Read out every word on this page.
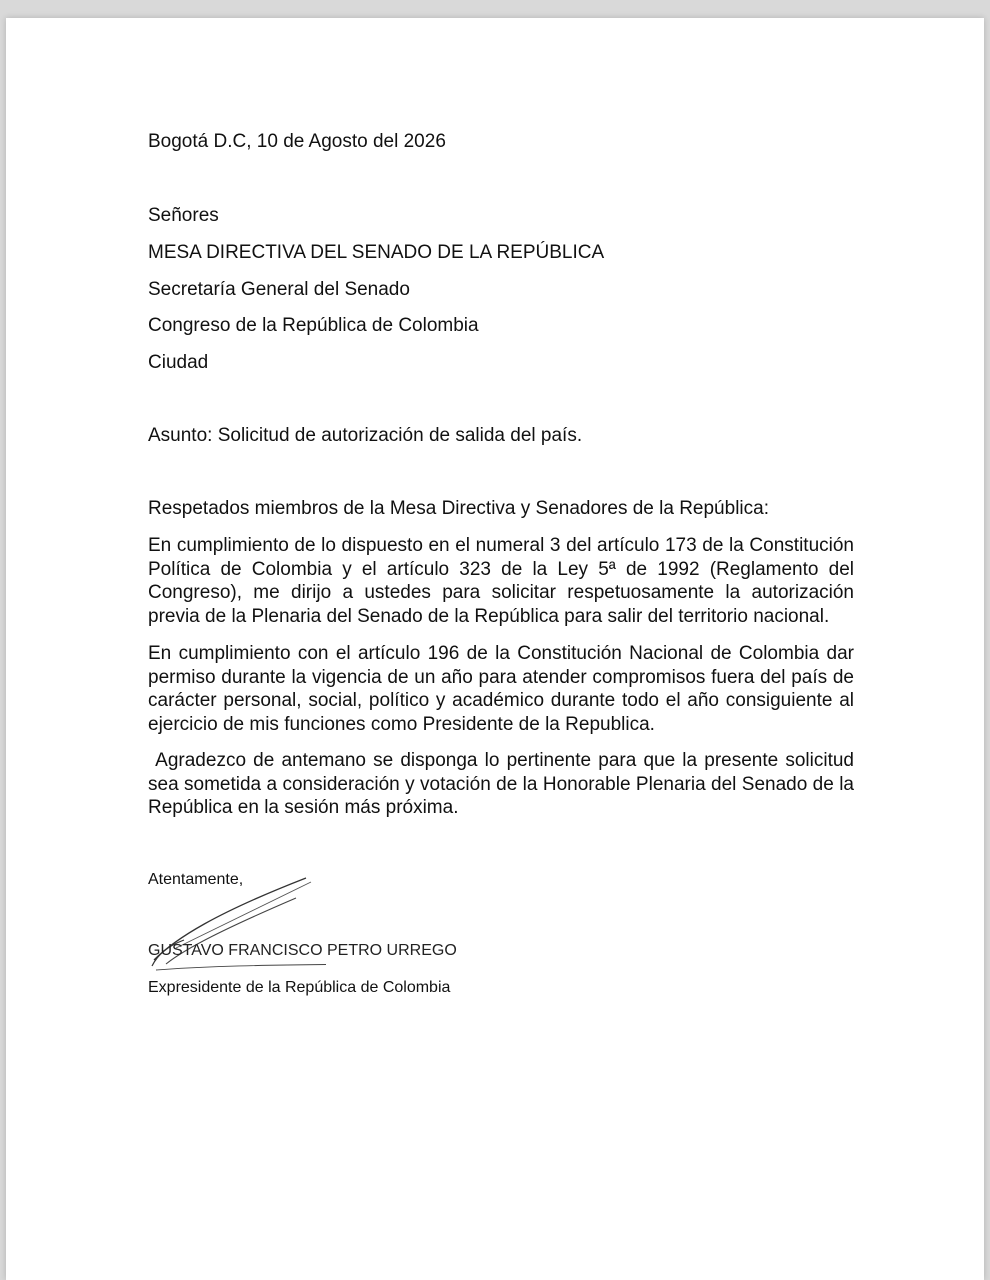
Bogotá D.C, 10 de Agosto del 2026
Señores
MESA DIRECTIVA DEL SENADO DE LA REPÚBLICA
Secretaría General del Senado
Congreso de la República de Colombia
Ciudad
Asunto: Solicitud de autorización de salida del país.
Respetados miembros de la Mesa Directiva y Senadores de la República:

En cumplimiento de lo dispuesto en el numeral 3 del artículo 173 de la Constitución Política de Colombia y el artículo 323 de la Ley 5ª de 1992 (Reglamento del Congreso), me dirijo a ustedes para solicitar respetuosamente la autorización previa de la Plenaria del Senado de la República para salir del territorio nacional.

En cumplimiento con el artículo 196 de la Constitución Nacional de Colombia dar permiso durante la vigencia de un año para atender compromisos fuera del país de carácter personal, social, político y académico durante todo el año consiguiente al ejercicio de mis funciones como Presidente de la Republica.

Agradezco de antemano se disponga lo pertinente para que la presente solicitud sea sometida a consideración y votación de la Honorable Plenaria del Senado de la República en la sesión más próxima.

Atentamente,
GUSTAVO FRANCISCO PETRO URREGO
Expresidente de la República de Colombia
